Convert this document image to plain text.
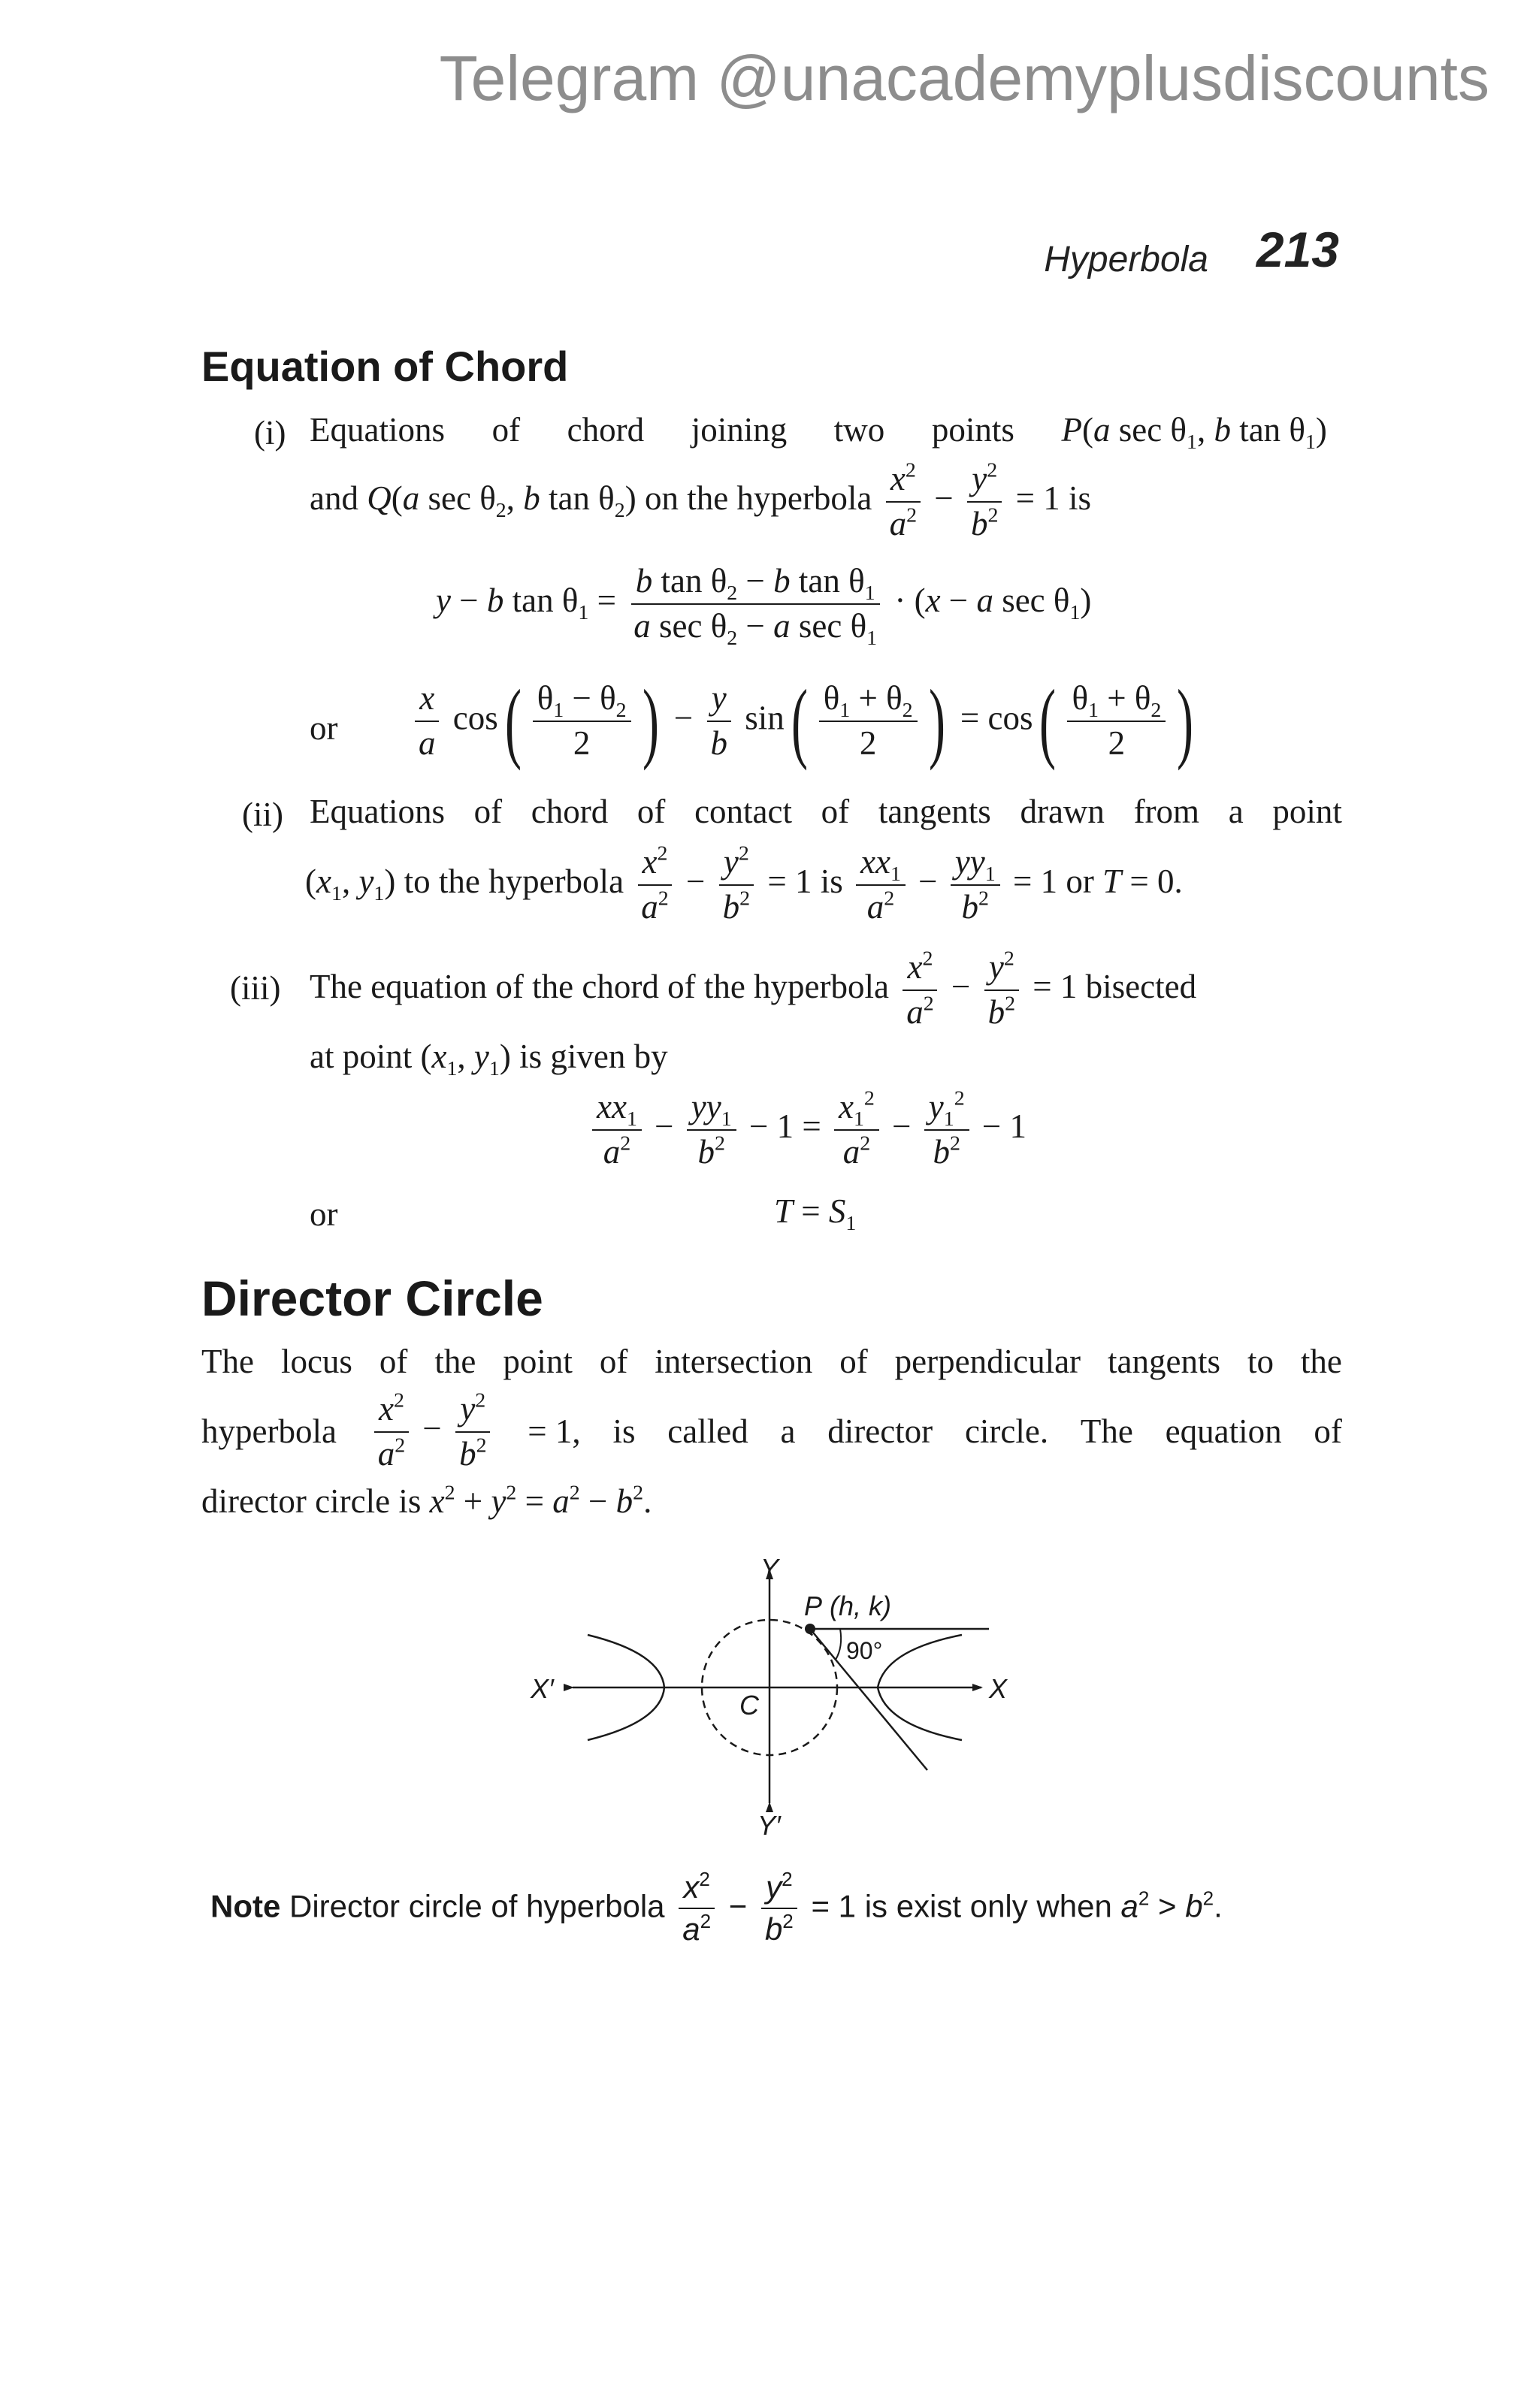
Telegram @unacademyplusdiscounts
Hyperbola 213
Equation of Chord
(i) Equations of chord joining two points P(a $\sec \theta_1$, b $\tan \theta_1$)
and Q(a $\sec \theta_2$, b $\tan \theta_2$) on the hyperbola $\frac{x^2}{a^2} - \frac{y^2}{b^2} = 1$ is
y − b $\tan \theta_1 = \frac{b \tan \theta_2 - b \tan \theta_1}{a \sec \theta_2 - a \sec \theta_1} \cdot (x - a$ $\sec \theta_1$)
or $\frac{x}{a} \cos( \frac{\theta_1 - \theta_2}{2}$ ) − $\frac{y}{b} \sin( \frac{\theta_1 + \theta_2}{2}$ ) = $\cos( \frac{\theta_1 + \theta_2}{2}$ )
(ii) Equations of chord of contact of tangents drawn from a point
($x_1$, $y_1$) to the hyperbola $\frac{x^2}{a^2} - \frac{y^2}{b^2} = 1$ is $\frac{xx_1}{a^2} - \frac{yy_1}{b^2} = 1$ or T = 0.
(iii) The equation of the chord of the hyperbola $\frac{x^2}{a^2} - \frac{y^2}{b^2} = 1$ bisected
at point ($x_1$, $y_1$) is given by
$\frac{xx_1}{a^2} - \frac{yy_1}{b^2} - 1 = \frac{x_1^2}{a^2} - \frac{y_1^2}{b^2} - 1$
or	$T = S_1$
Director Circle
The locus of the point of intersection of perpendicular tangents to the
hyperbola $\frac{x^2}{a^2} - \frac{y^2}{b^2} = 1$, is called a director circle. The equation of
director circle is $x^2 + y^2 = a^2 - b^2$.
Y
Y′
X
X′
C
P (h, k)
90°
Note Director circle of hyperbola $\frac{x^2}{a^2} - \frac{y^2}{b^2} = 1$ is exist only when $a^2 > b^2$.
